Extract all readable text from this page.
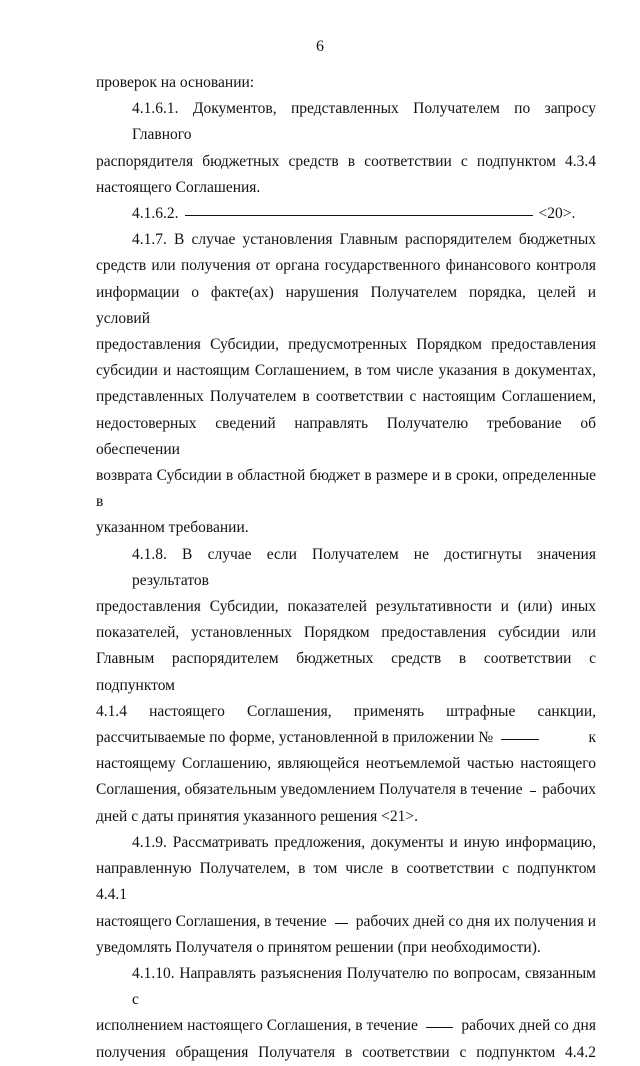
6
проверок на основании:
4.1.6.1. Документов, представленных Получателем по запросу Главного
распорядителя бюджетных средств в соответствии с подпунктом 4.3.4
настоящего Соглашения.
4.1.6.2.	<20>.
4.1.7. В случае установления Главным распорядителем бюджетных
средств или получения от органа государственного финансового контроля
информации о факте(ах) нарушения Получателем порядка, целей и условий
предоставления Субсидии, предусмотренных Порядком предоставления
субсидии и настоящим Соглашением, в том числе указания в документах,
представленных Получателем в соответствии с настоящим Соглашением,
недостоверных сведений направлять Получателю требование об обеспечении
возврата Субсидии в областной бюджет в размере и в сроки, определенные в
указанном требовании.
4.1.8. В случае если Получателем не достигнуты значения результатов
предоставления Субсидии, показателей результативности и (или) иных
показателей, установленных Порядком предоставления субсидии или
Главным распорядителем бюджетных средств в соответствии с подпунктом
4.1.4 настоящего Соглашения, применять штрафные санкции,
рассчитываемые по форме, установленной в приложении №	к
настоящему Соглашению, являющейся неотъемлемой частью настоящего
Соглашения, обязательным уведомлением Получателя в течение рабочих
дней с даты принятия указанного решения <21>.
4.1.9. Рассматривать предложения, документы и иную информацию,
направленную Получателем, в том числе в соответствии с подпунктом 4.4.1
настоящего Соглашения, в течение рабочих дней со дня их получения и
уведомлять Получателя о принятом решении (при необходимости).
4.1.10. Направлять разъяснения Получателю по вопросам, связанным с
исполнением настоящего Соглашения, в течение	рабочих дней со дня
получения обращения Получателя в соответствии с подпунктом 4.4.2
